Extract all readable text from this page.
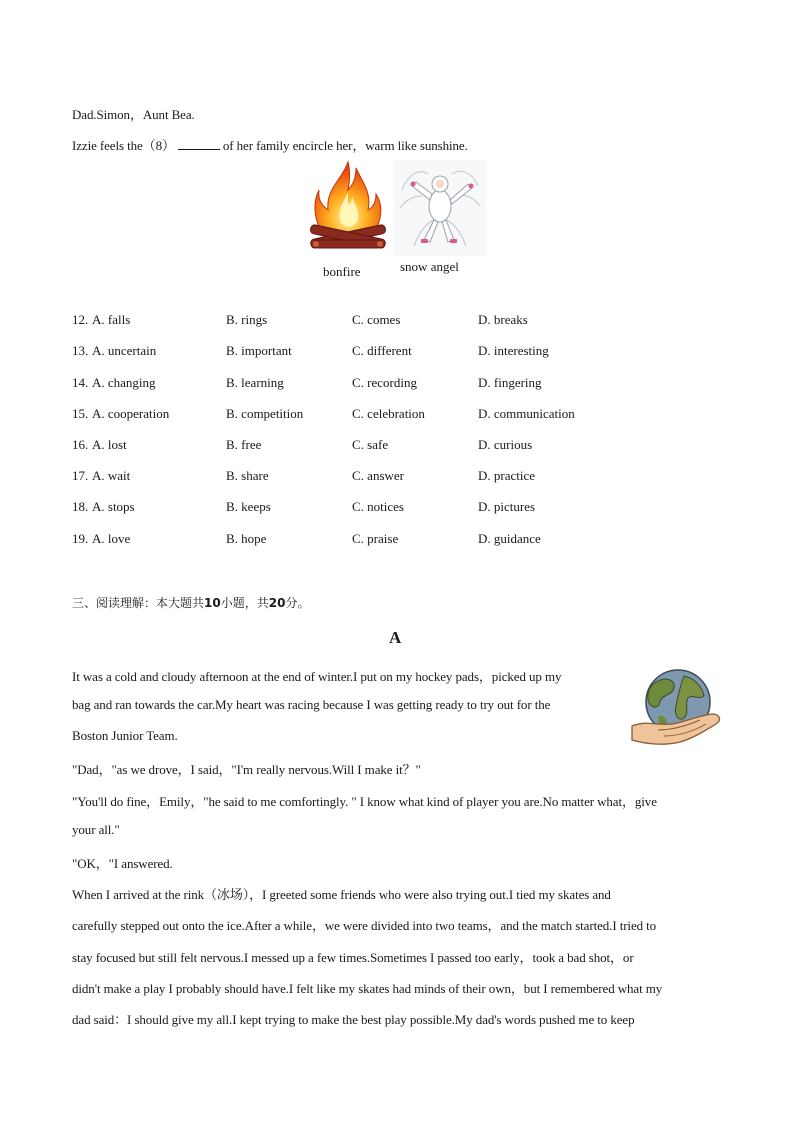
Dad.Simon，Aunt Bea.
Izzie feels the（8）	of her family encircle her，warm like sunshine.
bonfire	snow angel
12. A. falls	B. rings	C. comes	D. breaks
13. A. uncertain	B. important	C. different	D. interesting
14. A. changing	B. learning	C. recording	D. fingering
15. A. cooperation	B. competition	C. celebration	D. communication
16. A. lost	B. free	C. safe	D. curious
17. A. wait	B. share	C. answer	D. practice
18. A. stops	B. keeps	C. notices	D. pictures
19. A. love	B. hope	C. praise	D. guidance
三、阅读理解：本大题共10小题，共20分。
A
It was a cold and cloudy afternoon at the end of winter.I put on my hockey pads，picked up my
bag and ran towards the car.My heart was racing because I was getting ready to try out for the
Boston Junior Team.
"Dad，"as we drove，I said，"I'm really nervous.Will I make it？"
"You'll do fine，Emily，"he said to me comfortingly. " I know what kind of player you are.No matter what，give
your all."
"OK，"I answered.
When I arrived at the rink（冰场），I greeted some friends who were also trying out.I tied my skates and
carefully stepped out onto the ice.After a while，we were divided into two teams，and the match started.I tried to
stay focused but still felt nervous.I messed up a few times.Sometimes I passed too early，took a bad shot，or
didn't make a play I probably should have.I felt like my skates had minds of their own，but I remembered what my
dad said：I should give my all.I kept trying to make the best play possible.My dad's words pushed me to keep
